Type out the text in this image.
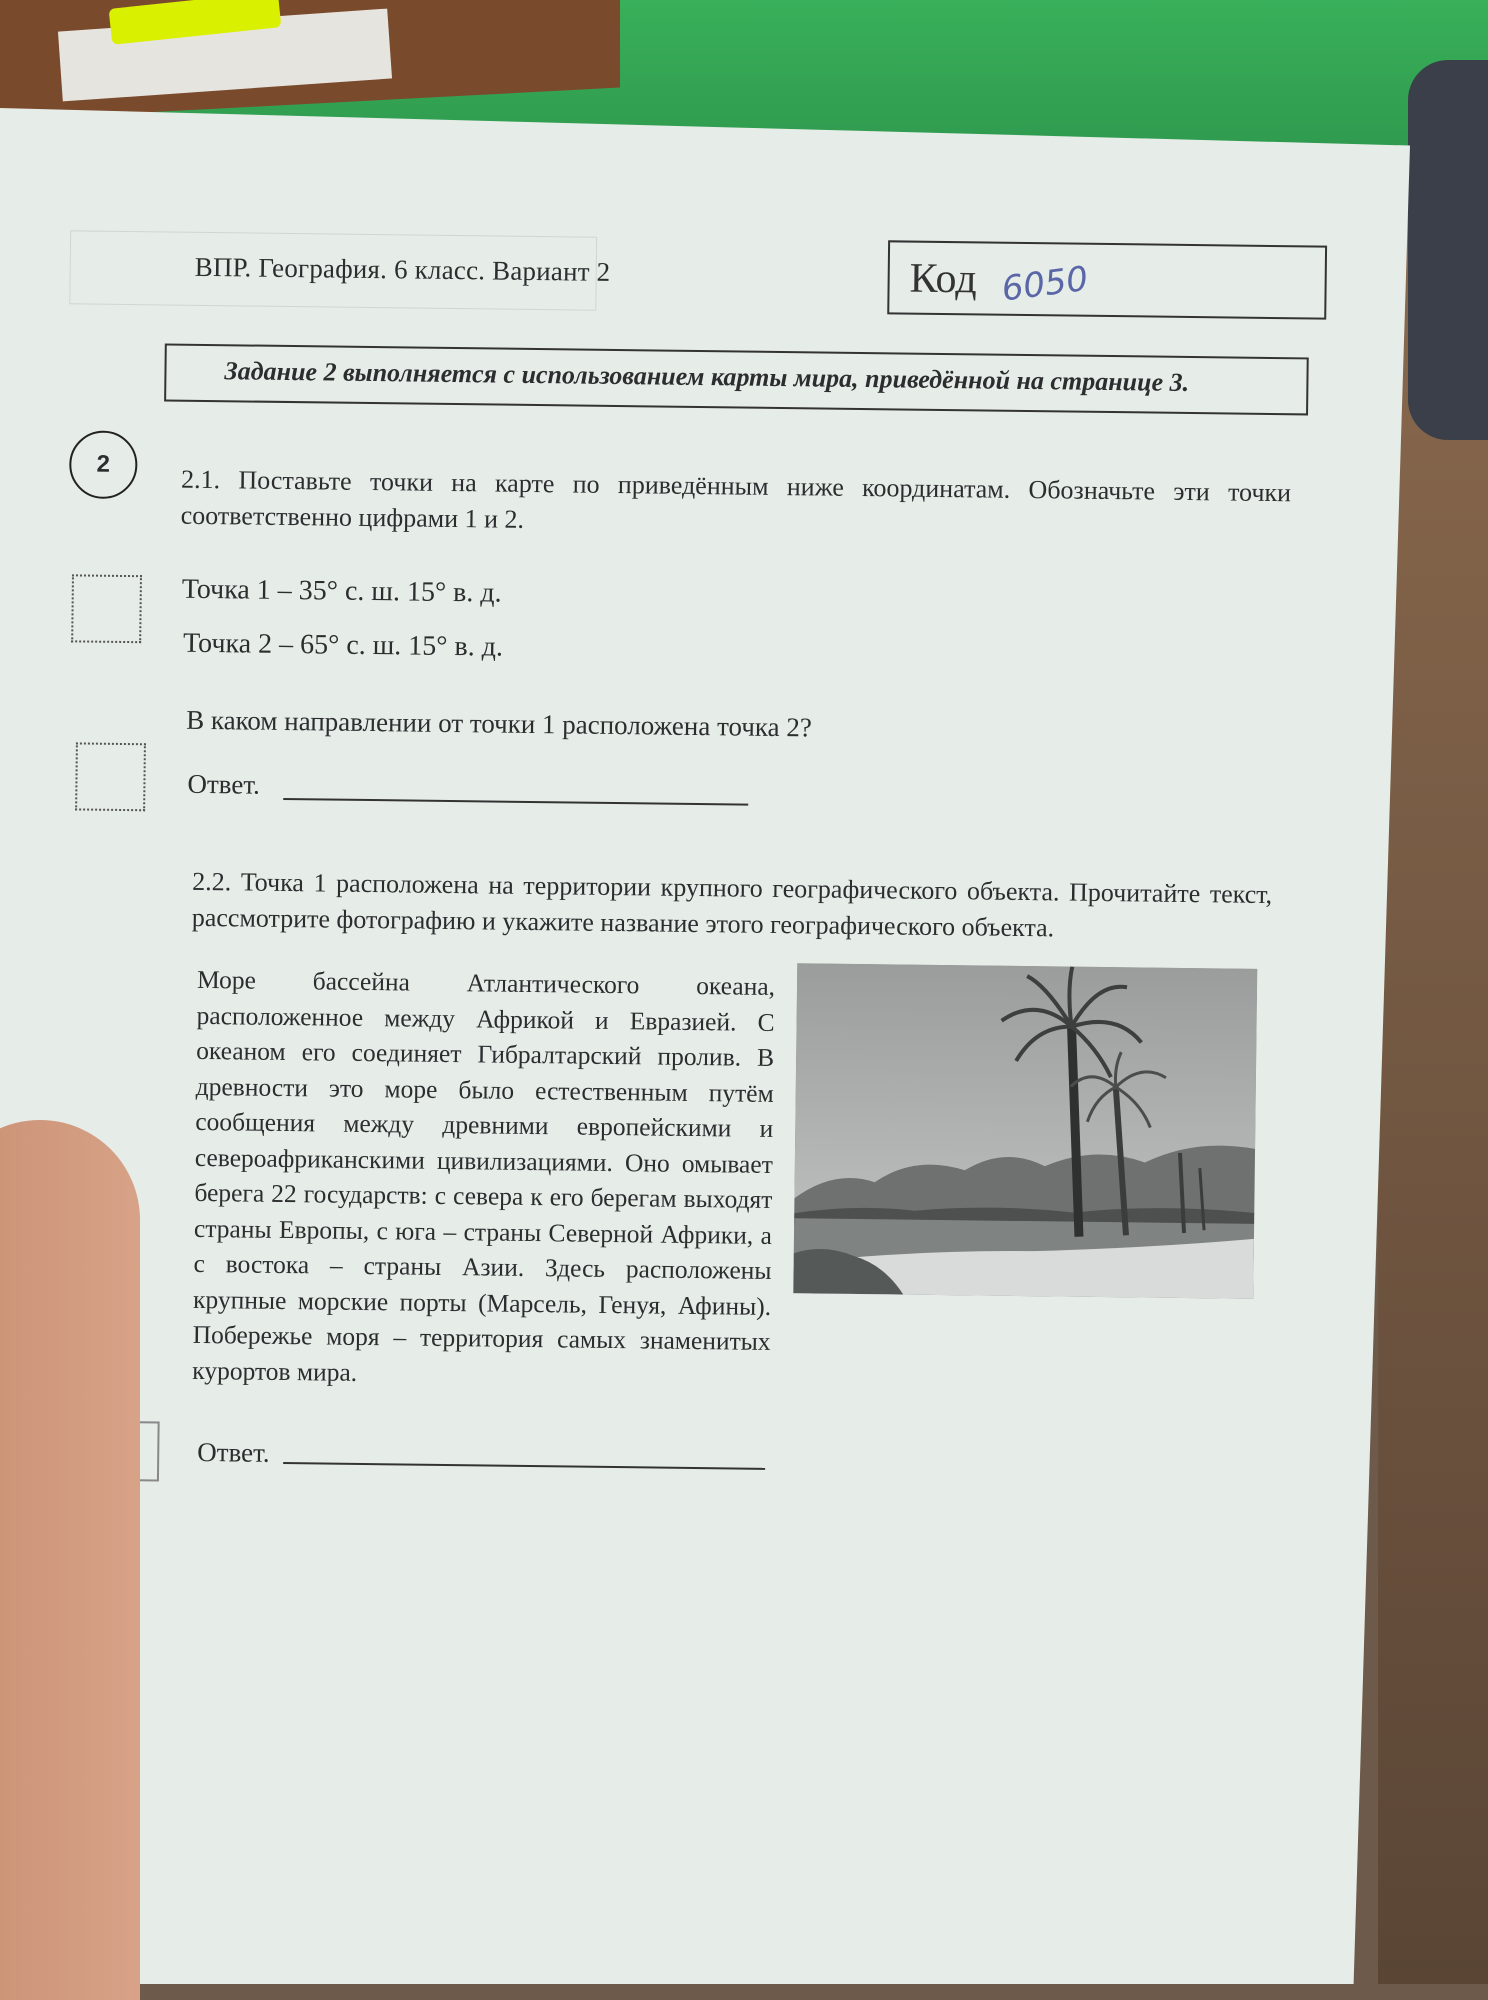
ВПР. География. 6 класс. Вариант 2	Код 6050
Задание 2 выполняется с использованием карты мира, приведённой на странице 3.
2
2.1. Поставьте точки на карте по приведённым ниже координатам. Обозначьте эти точки соответственно цифрами 1 и 2.
Точка 1 – 35° с. ш. 15° в. д.
Точка 2 – 65° с. ш. 15° в. д.
В каком направлении от точки 1 расположена точка 2?
Ответ.
2.2. Точка 1 расположена на территории крупного географического объекта. Прочитайте текст, рассмотрите фотографию и укажите название этого географического объекта.
Море бассейна Атлантического океана, расположенное между Африкой и Евразией. С океаном его соединяет Гибралтарский пролив. В древности это море было естественным путём сообщения между древними европейскими и североафриканскими цивилизациями. Оно омывает берега 22 государств: с севера к его берегам выходят страны Европы, с юга – страны Северной Африки, а с востока – страны Азии. Здесь расположены крупные морские порты (Марсель, Генуя, Афины). Побережье моря – территория самых знаменитых курортов мира.
Ответ.
